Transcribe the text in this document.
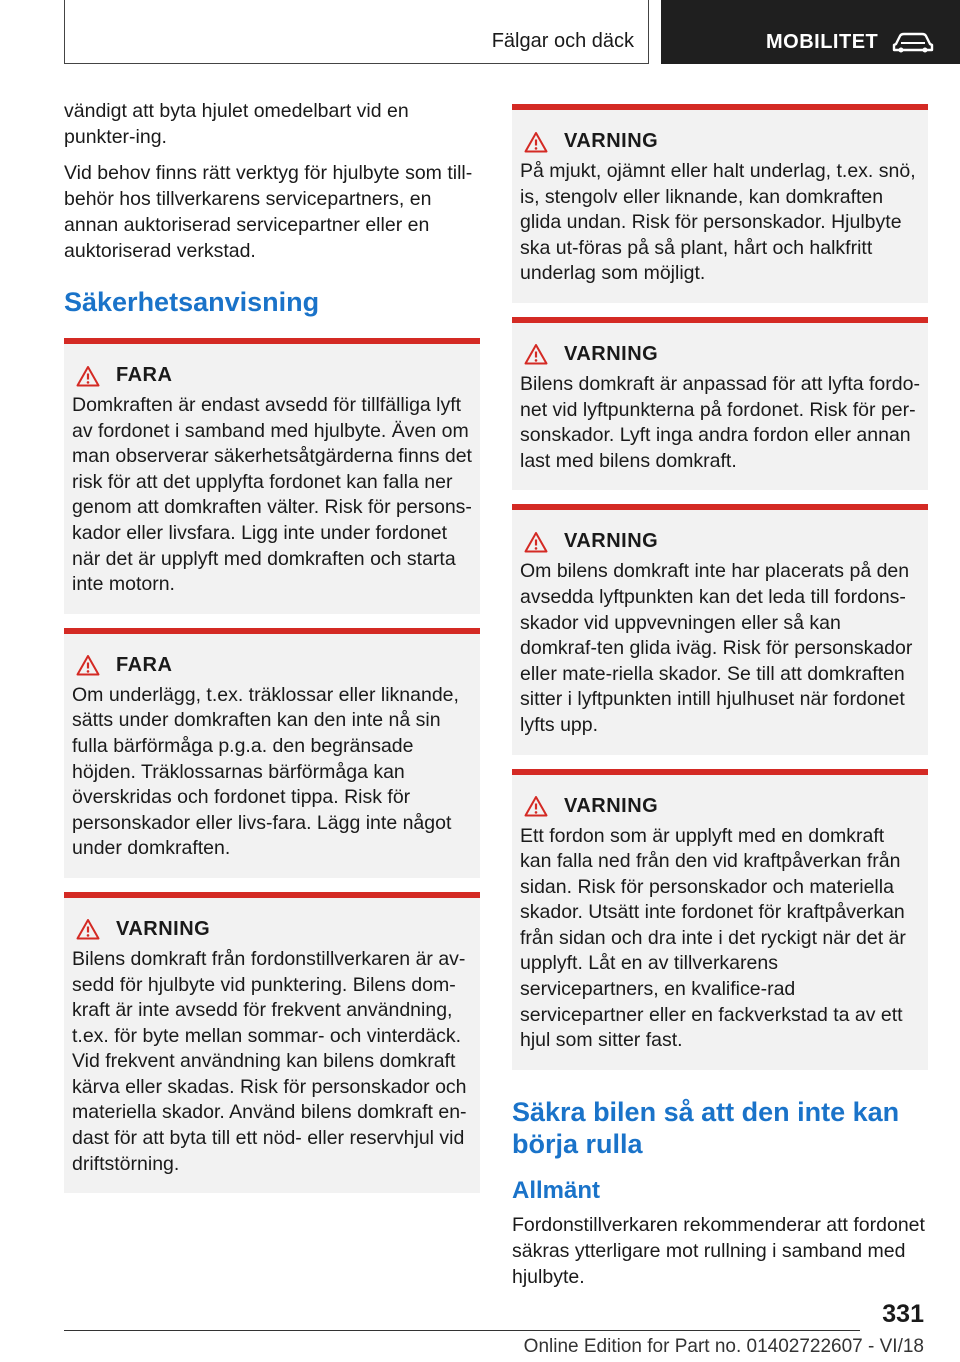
Fälgar och däck	MOBILITET

vändigt att byta hjulet omedelbart vid en punkter-ing.

Vid behov finns rätt verktyg för hjulbyte som till-behör hos tillverkarens servicepartners, en annan auktoriserad servicepartner eller en auktoriserad verkstad.

Säkerhetsanvisning
FARA

Domkraften är endast avsedd för tillfälliga lyft av fordonet i samband med hjulbyte. Även om man observerar säkerhetsåtgärderna finns det risk för att det upplyfta fordonet kan falla ner genom att domkraften välter. Risk för persons-kador eller livsfara. Ligg inte under fordonet när det är upplyft med domkraften och starta inte motorn.

FARA

Om underlägg, t.ex. träklossar eller liknande, sätts under domkraften kan den inte nå sin fulla bärförmåga p.g.a. den begränsade höjden. Träklossarnas bärförmåga kan överskridas och fordonet tippa. Risk för personskador eller livs-fara. Lägg inte något under domkraften.

VARNING

Bilens domkraft från fordonstillverkaren är av-sedd för hjulbyte vid punktering. Bilens dom-kraft är inte avsedd för frekvent användning, t.ex. för byte mellan sommar- och vinterdäck. Vid frekvent användning kan bilens domkraft kärva eller skadas. Risk för personskador och materiella skador. Använd bilens domkraft en-dast för att byta till ett nöd- eller reservhjul vid driftstörning.

VARNING

På mjukt, ojämnt eller halt underlag, t.ex. snö, is, stengolv eller liknande, kan domkraften glida undan. Risk för personskador. Hjulbyte ska ut-föras på så plant, hårt och halkfritt underlag som möjligt.

VARNING

Bilens domkraft är anpassad för att lyfta fordo-net vid lyftpunkterna på fordonet. Risk för per-sonskador. Lyft inga andra fordon eller annan last med bilens domkraft.

VARNING

Om bilens domkraft inte har placerats på den avsedda lyftpunkten kan det leda till fordons-skador vid uppvevningen eller så kan domkraf-ten glida iväg. Risk för personskador eller mate-riella skador. Se till att domkraften sitter i lyftpunkten intill hjulhuset när fordonet lyfts upp.

VARNING

Ett fordon som är upplyft med en domkraft kan falla ned från den vid kraftpåverkan från sidan. Risk för personskador och materiella skador. Utsätt inte fordonet för kraftpåverkan från sidan och dra inte i det ryckigt när det är upplyft. Låt en av tillverkarens servicepartners, en kvalifice-rad servicepartner eller en fackverkstad ta av ett hjul som sitter fast.

Säkra bilen så att den inte kan börja rulla
Allmänt

Fordonstillverkaren rekommenderar att fordonet säkras ytterligare mot rullning i samband med hjulbyte.

331
Online Edition for Part no. 01402722607 - VI/18
